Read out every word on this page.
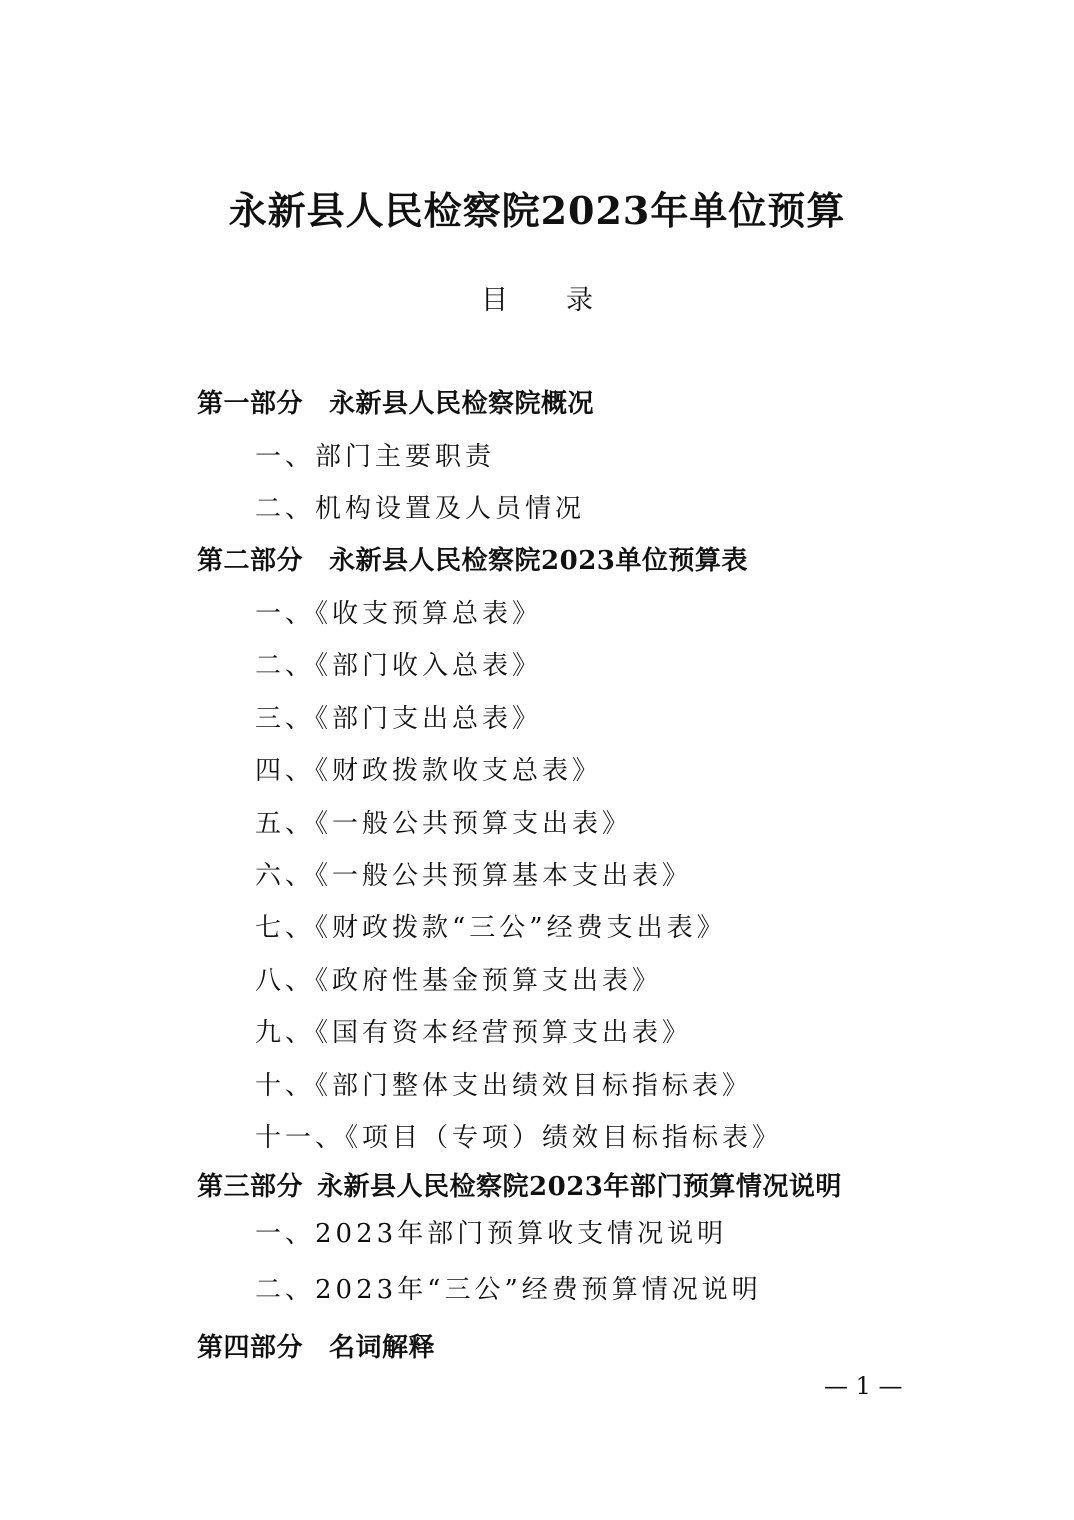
永新县人民检察院2023年单位预算
目 录
第一部分 永新县人民检察院概况
一、部门主要职责
二、机构设置及人员情况
第二部分 永新县人民检察院2023单位预算表
一、《收支预算总表》
二、《部门收入总表》
三、《部门支出总表》
四、《财政拨款收支总表》
五、《一般公共预算支出表》
六、《一般公共预算基本支出表》
七、《财政拨款“三公”经费支出表》
八、《政府性基金预算支出表》
九、《国有资本经营预算支出表》
十、《部门整体支出绩效目标指标表》
十一、《项目（专项）绩效目标指标表》
第三部分 永新县人民检察院2023年部门预算情况说明
一、2023年部门预算收支情况说明
二、2023年“三公”经费预算情况说明
第四部分 名词解释
— 1 —
